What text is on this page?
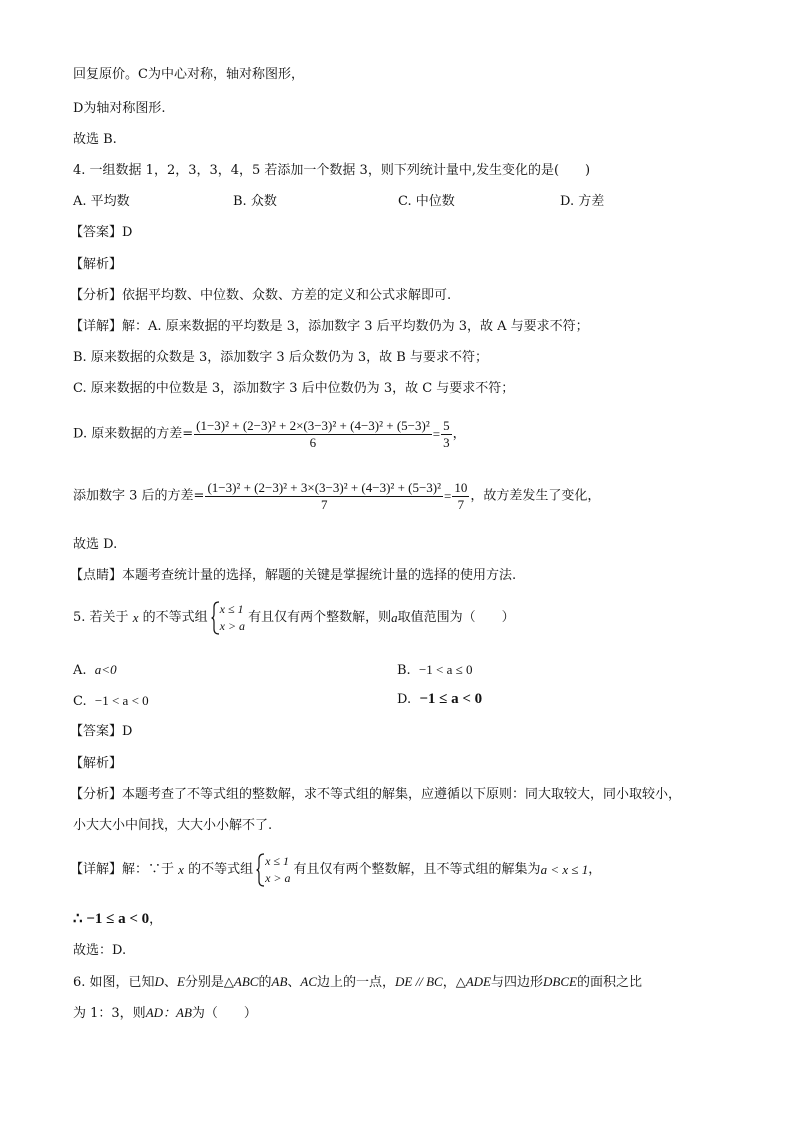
回复原价。C为中心对称，轴对称图形，
D为轴对称图形.
故选 B.
4. 一组数据 1，2，3，3，4，5 若添加一个数据 3，则下列统计量中,发生变化的是(　　)
A. 平均数	B. 众数	C. 中位数	D. 方差
【答案】D
【解析】
【分析】依据平均数、中位数、众数、方差的定义和公式求解即可.
【详解】解：A. 原来数据的平均数是 3，添加数字 3 后平均数仍为 3，故 A 与要求不符；
B. 原来数据的众数是 3，添加数字 3 后众数仍为 3，故 B 与要求不符；
C. 原来数据的中位数是 3，添加数字 3 后中位数仍为 3，故 C 与要求不符；
D. 原来数据的方差= $\frac{\text{(1−3)² + (2−3)² + 2×(3−3)² + (4−3)² + (5−3)²}}{6} = \frac{5}{3}$ ，
添加数字 3 后的方差= $\frac{\text{(1−3)² + (2−3)² + 3×(3−3)² + (4−3)² + (5−3)²}}{7} = \frac{10}{7}$ ，故方差发生了变化，
故选 D.
【点睛】本题考查统计量的选择，解题的关键是掌握统计量的选择的使用方法.
5. 若关于 x 的不等式组
x ≤ 1
x > a
有且仅有两个整数解，则a取值范围为（　　）
A. a<0	B. −1 < a ≤ 0
C. −1 < a < 0	D. −1 ≤ a < 0
【答案】D
【解析】
【分析】本题考查了不等式组的整数解，求不等式组的解集，应遵循以下原则：同大取较大，同小取较小，
小大大小中间找，大大小小解不了.
【详解】解：∵于 x 的不等式组
x ≤ 1
x > a
有且仅有两个整数解，且不等式组的解集为a < x ≤ 1，
∴ −1 ≤ a < 0，
故选：D.
6. 如图，已知D、E分别是△ABC的AB、AC边上的一点，DE // BC，△ADE与四边形DBCE的面积之比
为 1：3，则AD：AB为（　　）
